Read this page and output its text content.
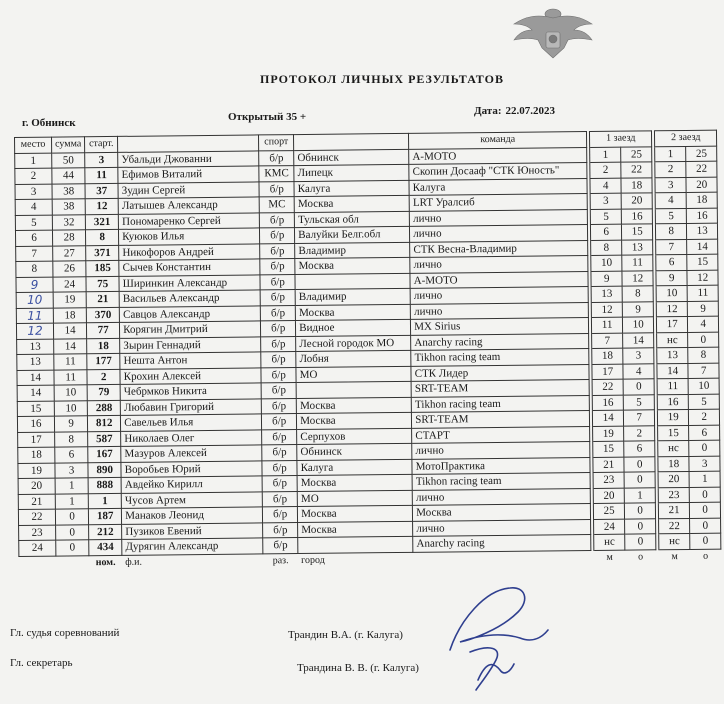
ПРОТОКОЛ ЛИЧНЫХ РЕЗУЛЬТАТОВ
г. Обнинск	Открытый 35 +	Дата: 22.07.2023
место	сумма	старт.		спорт		команда		1 заезд			2 заезд	
1	50	3	Убальди Джованни	б/р	Обнинск	А-МОТО		1	25		1	25
2	44	11	Ефимов Виталий	КМС	Липецк	Скопин Досааф "СТК Юность"		2	22		2	22
3	38	37	Зудин Сергей	б/р	Калуга	Калуга		4	18		3	20
4	38	12	Латышев Александр	МС	Москва	LRT Уралсиб		3	20		4	18
5	32	321	Пономаренко Сергей	б/р	Тульская обл	лично		5	16		5	16
6	28	8	Куюков Илья	б/р	Валуйки Белг.обл	лично		6	15		8	13
7	27	371	Никофоров Андрей	б/р	Владимир	СТК Весна-Владимир		8	13		7	14
8	26	185	Сычев Константин	б/р	Москва	лично		10	11		6	15
9	24	75	Ширинкин Александр	б/р		А-МОТО		9	12		9	12
10	19	21	Васильев Александр	б/р	Владимир	лично		13	8		10	11
11	18	370	Савцов Александр	б/р	Москва	лично		12	9		12	9
12	14	77	Корягин Дмитрий	б/р	Видное	MX Sirius		11	10		17	4
13	14	18	Зырин Геннадий	б/р	Лесной городок МО	Anarchy racing		7	14		нс	0
13	11	177	Нешта Антон	б/р	Лобня	Tikhon racing team		18	3		13	8
14	11	2	Крохин Алексей	б/р	МО	СТК Лидер		17	4		14	7
14	10	79	Чебрмков Никита	б/р		SRT-TEAM		22	0		11	10
15	10	288	Любавин Григорий	б/р	Москва	Tikhon racing team		16	5		16	5
16	9	812	Савельев Илья	б/р	Москва	SRT-TEAM		14	7		19	2
17	8	587	Николаев Олег	б/р	Серпухов	СТАРТ		19	2		15	6
18	6	167	Мазуров Алексей	б/р	Обнинск	лично		15	6		нс	0
19	3	890	Воробьев Юрий	б/р	Калуга	МотоПрактика		21	0		18	3
20	1	888	Авдейко Кирилл	б/р	Москва	Tikhon racing team		23	0		20	1
21	1	1	Чусов Артем	б/р	МО	лично		20	1		23	0
22	0	187	Манаков Леонид	б/р	Москва	Москва		25	0		21	0
23	0	212	Пузиков Евений	б/р	Москва	лично		24	0		22	0
24	0	434	Дурягин Александр	б/р		Anarchy racing		нс	0		нс	0
		ном.	ф.и.	раз.	город			м	о		м	о
Гл. судья соревнований	Трандин В.А. (г. Калуга)
Гл. секретарь	Трандина В. В. (г. Калуга)
